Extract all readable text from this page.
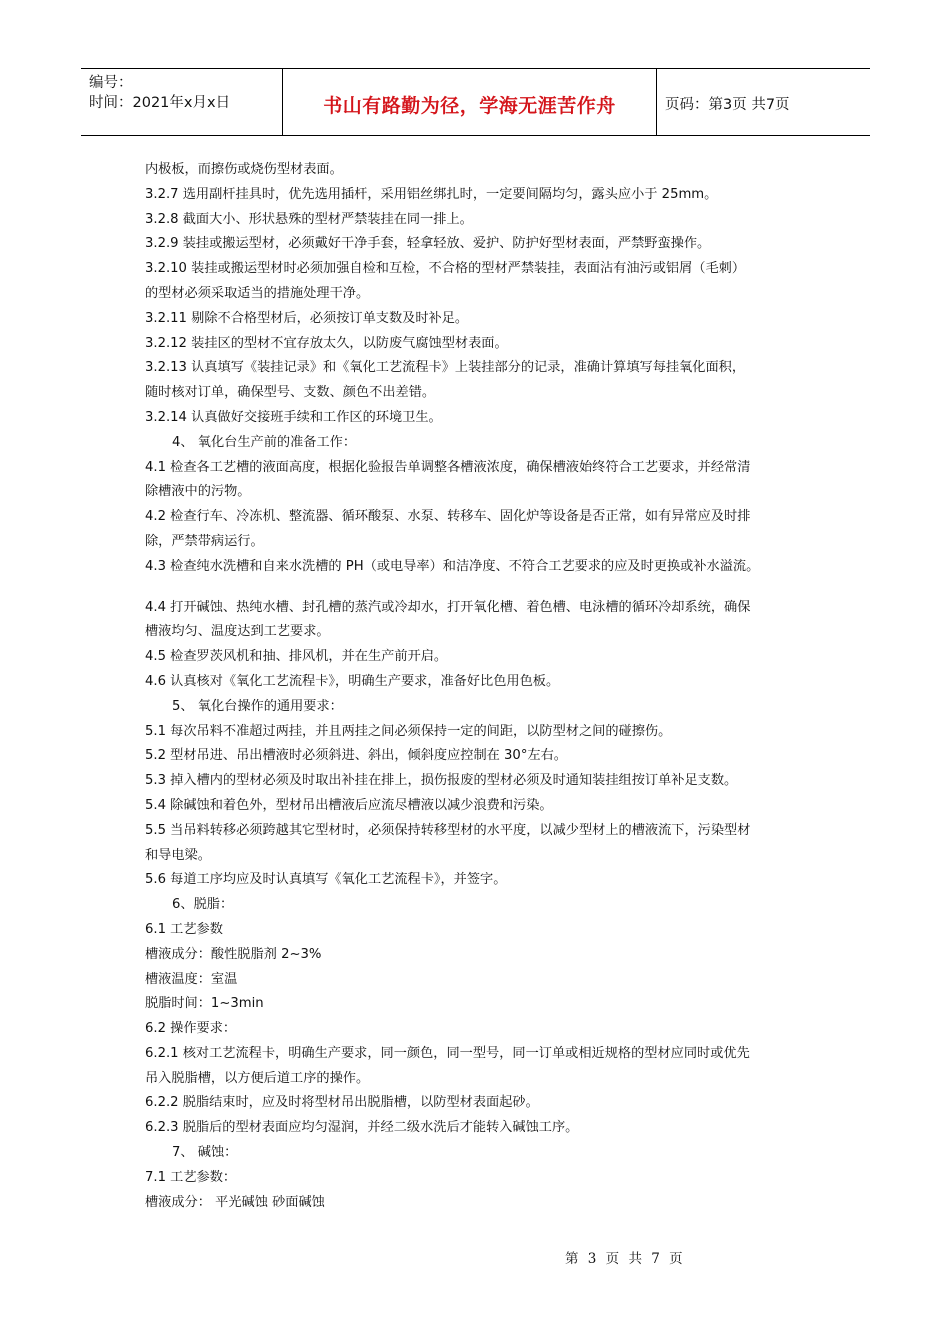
编号：
时间：2021年x月x日	书山有路勤为径，学海无涯苦作舟	页码：第3页 共7页
内极板，而擦伤或烧伤型材表面。
3.2.7 选用副杆挂具时，优先选用插杆，采用铝丝绑扎时，一定要间隔均匀，露头应小于 25mm。
3.2.8 截面大小、形状悬殊的型材严禁装挂在同一排上。
3.2.9 装挂或搬运型材，必须戴好干净手套，轻拿轻放、爱护、防护好型材表面，严禁野蛮操作。
3.2.10 装挂或搬运型材时必须加强自检和互检，不合格的型材严禁装挂，表面沾有油污或铝屑（毛刺）
的型材必须采取适当的措施处理干净。
3.2.11 剔除不合格型材后，必须按订单支数及时补足。
3.2.12 装挂区的型材不宜存放太久，以防废气腐蚀型材表面。
3.2.13 认真填写《装挂记录》和《氧化工艺流程卡》上装挂部分的记录，准确计算填写每挂氧化面积，
随时核对订单，确保型号、支数、颜色不出差错。
3.2.14 认真做好交接班手续和工作区的环境卫生。
4、 氧化台生产前的准备工作：
4.1 检查各工艺槽的液面高度，根据化验报告单调整各槽液浓度，确保槽液始终符合工艺要求，并经常清
除槽液中的污物。
4.2 检查行车、冷冻机、整流器、循环酸泵、水泵、转移车、固化炉等设备是否正常，如有异常应及时排
除，严禁带病运行。
4.3 检查纯水洗槽和自来水洗槽的 PH（或电导率）和洁净度、不符合工艺要求的应及时更换或补水溢流。
4.4 打开碱蚀、热纯水槽、封孔槽的蒸汽或冷却水，打开氧化槽、着色槽、电泳槽的循环冷却系统，确保
槽液均匀、温度达到工艺要求。
4.5 检查罗茨风机和抽、排风机，并在生产前开启。
4.6 认真核对《氧化工艺流程卡》，明确生产要求，准备好比色用色板。
5、 氧化台操作的通用要求：
5.1 每次吊料不准超过两挂，并且两挂之间必须保持一定的间距，以防型材之间的碰擦伤。
5.2 型材吊进、吊出槽液时必须斜进、斜出，倾斜度应控制在 30°左右。
5.3 掉入槽内的型材必须及时取出补挂在排上，损伤报废的型材必须及时通知装挂组按订单补足支数。
5.4 除碱蚀和着色外，型材吊出槽液后应流尽槽液以减少浪费和污染。
5.5 当吊料转移必须跨越其它型材时，必须保持转移型材的水平度，以减少型材上的槽液流下，污染型材
和导电梁。
5.6 每道工序均应及时认真填写《氧化工艺流程卡》，并签字。
6、脱脂：
6.1 工艺参数
槽液成分：酸性脱脂剂 2~3%
槽液温度：室温
脱脂时间：1~3min
6.2 操作要求：
6.2.1 核对工艺流程卡，明确生产要求，同一颜色，同一型号，同一订单或相近规格的型材应同时或优先
吊入脱脂槽，以方便后道工序的操作。
6.2.2 脱脂结束时，应及时将型材吊出脱脂槽，以防型材表面起砂。
6.2.3 脱脂后的型材表面应均匀湿润，并经二级水洗后才能转入碱蚀工序。
7、 碱蚀：
7.1 工艺参数：
槽液成分： 平光碱蚀 砂面碱蚀
第 3 页 共 7 页
